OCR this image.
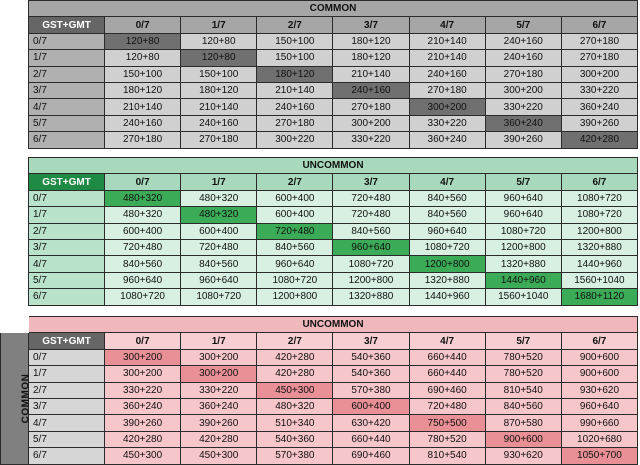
COMMON							
GST+GMT	0/7	1/7	2/7	3/7	4/7	5/7	6/7
0/7	120+80	120+80	150+100	180+120	210+140	240+160	270+180
1/7	120+80	120+80	150+100	180+120	210+140	240+160	270+180
2/7	150+100	150+100	180+120	210+140	240+160	270+180	300+200
3/7	180+120	180+120	210+140	240+160	270+180	300+200	330+220
4/7	210+140	210+140	240+160	270+180	300+200	330+220	360+240
5/7	240+160	240+160	270+180	300+200	330+220	360+240	390+260
6/7	270+180	270+180	300+220	330+220	360+240	390+260	420+280
UNCOMMON							
GST+GMT	0/7	1/7	2/7	3/7	4/7	5/7	6/7
0/7	480+320	480+320	600+400	720+480	840+560	960+640	1080+720
1/7	480+320	480+320	600+400	720+480	840+560	960+640	1080+720
2/7	600+400	600+400	720+480	840+560	960+640	1080+720	1200+800
3/7	720+480	720+480	840+560	960+640	1080+720	1200+800	1320+880
4/7	840+560	840+560	960+640	1080+720	1200+800	1320+880	1440+960
5/7	960+640	960+640	1080+720	1200+800	1320+880	1440+960	1560+1040
6/7	1080+720	1080+720	1200+800	1320+880	1440+960	1560+1040	1680+1120
	UNCOMMON							
COMMON	GST+GMT	0/7	1/7	2/7	3/7	4/7	5/7	6/7
	0/7	300+200	300+200	420+280	540+360	660+440	780+520	900+600
	1/7	300+200	300+200	420+280	540+360	660+440	780+520	900+600
	2/7	330+220	330+220	450+300	570+380	690+460	810+540	930+620
	3/7	360+240	360+240	480+320	600+400	720+480	840+560	960+640
	4/7	390+260	390+260	510+340	630+420	750+500	870+580	990+660
	5/7	420+280	420+280	540+360	660+440	780+520	900+600	1020+680
	6/7	450+300	450+300	570+380	690+460	810+540	930+620	1050+700
